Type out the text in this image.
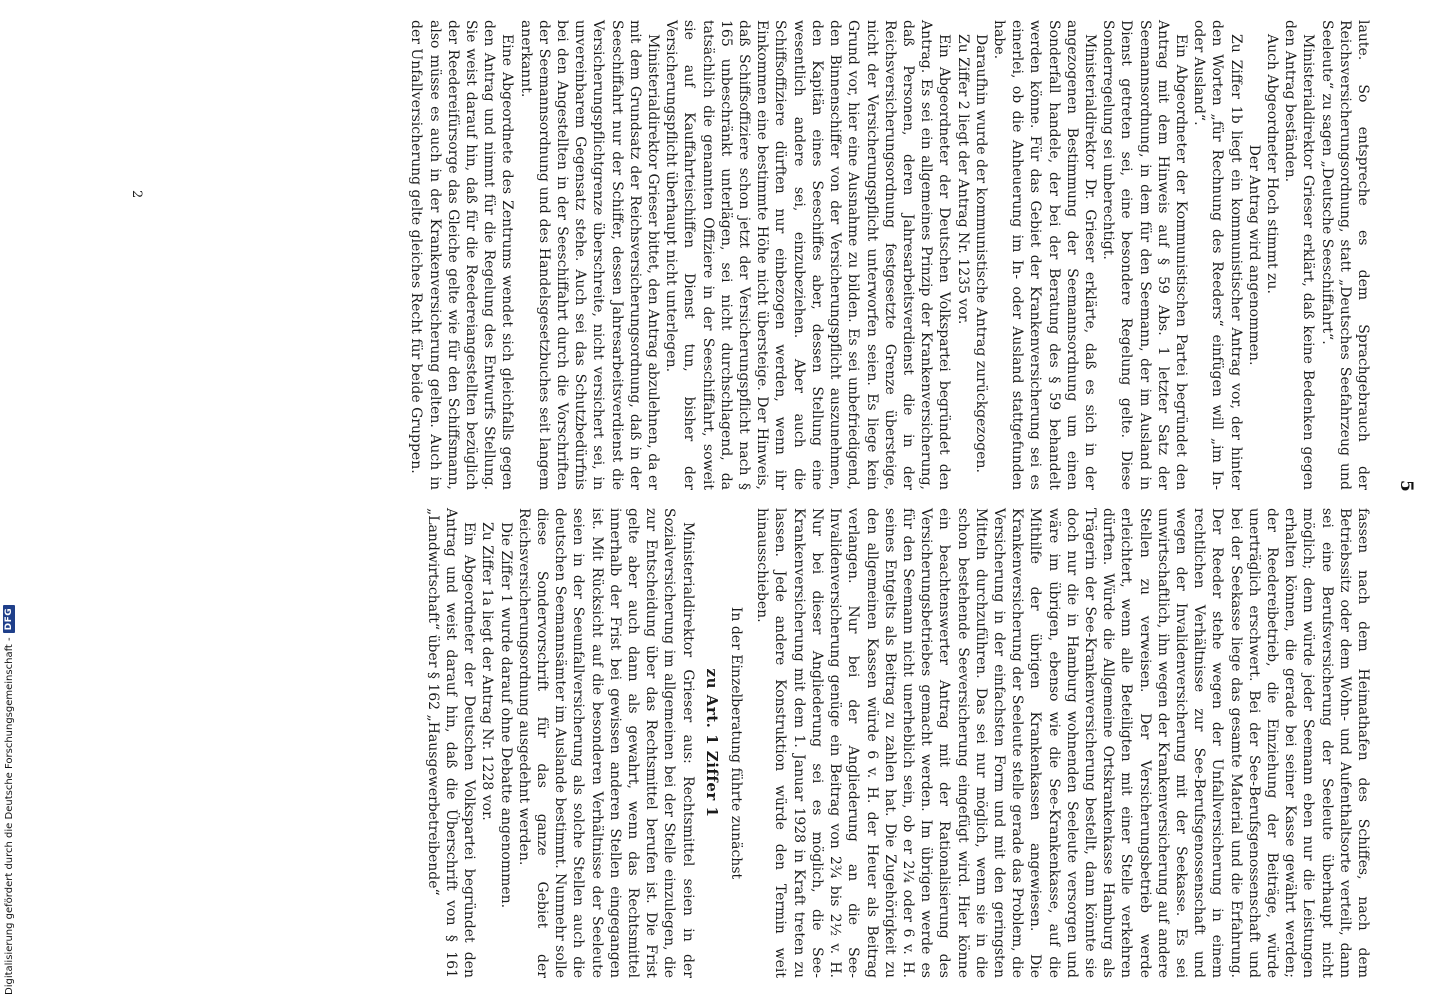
5

laute. So entspreche es dem Sprachgebrauch der Reichsversicherungsordnung, statt „Deutsches Seefahrzeug und Seeleute“ zu sagen „Deutsche Seeschiffahrt“.

Ministerialdirektor Grieser erklärt, daß keine Bedenken gegen den Antrag beständen.

Auch Abgeordneter Hoch stimmt zu.

Der Antrag wird angenommen.

Zu Ziffer 1b liegt ein kommunistischer Antrag vor, der hinter den Worten „für Rechnung des Reeders“ einfügen will „im In- oder Ausland“.

Ein Abgeordneter der Kommunistischen Partei begründet den Antrag mit dem Hinweis auf § 59 Abs. 1 letzter Satz der Seemannsordnung, in dem für den Seemann, der im Ausland in Dienst getreten sei, eine besondere Regelung gelte. Diese Sonderregelung sei unberechtigt.

Ministerialdirektor Dr. Grieser erklärte, daß es sich in der angezogenen Bestimmung der Seemannsordnung um einen Sonderfall handele, der bei der Beratung des § 59 behandelt werden könne. Für das Gebiet der Krankenversicherung sei es einerlei, ob die Anheuerung im In- oder Ausland stattgefunden habe.

Daraufhin wurde der kommunistische Antrag zurückgezogen.

Zu Ziffer 2 liegt der Antrag Nr. 1235 vor.

Ein Abgeordneter der Deutschen Volkspartei begründet den Antrag. Es sei ein allgemeines Prinzip der Krankenversicherung, daß Personen, deren Jahresarbeitsverdienst die in der Reichsversicherungsordnung festgesetzte Grenze übersteige, nicht der Versicherungspflicht unterworfen seien. Es liege kein Grund vor, hier eine Ausnahme zu bilden. Es sei unbefriedigend, den Binnenschiffer von der Versicherungspflicht auszunehmen, den Kapitän eines Seeschiffes aber, dessen Stellung eine wesentlich andere sei, einzubeziehen. Aber auch die Schiffsoffiziere dürften nur einbezogen werden, wenn ihr Einkommen eine bestimmte Höhe nicht übersteige. Der Hinweis, daß Schiffsoffiziere schon jetzt der Versicherungspflicht nach § 165 unbeschränkt unterlägen, sei nicht durchschlagend, da tatsächlich die genannten Offiziere in der Seeschiffahrt, soweit sie auf Kauffahrteischiffen Dienst tun, bisher der Versicherungspflicht überhaupt nicht unterlegen.

Ministerialdirektor Grieser bittet, den Antrag abzulehnen, da er mit dem Grundsatz der Reichsversicherungsordnung, daß in der Seeschiffahrt nur der Schiffer, dessen Jahresarbeitsverdienst die Versicherungspflichtgrenze überschreite, nicht versichert sei, in unvereinbarem Gegensatz stehe. Auch sei das Schutzbedürfnis bei den Angestellten in der Seeschiffahrt durch die Vorschriften der Seemannsordnung und des Handelsgesetzbuches seit langem anerkannt.

Eine Abgeordnete des Zentrums wendet sich gleichfalls gegen den Antrag und nimmt für die Regelung des Entwurfs Stellung. Sie weist darauf hin, daß für die Reedereiangestellten bezüglich der Reedereifürsorge das Gleiche gelte wie für den Schiffsmann, also müsse es auch in der Krankenversicherung gelten. Auch in der Unfallversicherung gelte gleiches Recht für beide Gruppen.

fassen nach dem Heimathafen des Schiffes, nach dem Betriebssitz oder dem Wohn- und Aufenthaltsorte verteilt, dann sei eine Berufsversicherung der Seeleute überhaupt nicht möglich; denn würde jeder Seemann eben nur die Leistungen erhalten können, die gerade bei seiner Kasse gewährt werden; der Reedereibetrieb, die Einziehung der Beiträge, würde unerträglich erschwert. Bei der See-Berufsgenossenschaft und bei der Seekasse liege das gesamte Material und die Erfahrung. Der Reeder stehe wegen der Unfallversicherung in einem rechtlichen Verhältnisse zur See-Berufsgenossenschaft und wegen der Invalidenversicherung mit der Seekasse. Es sei unwirtschaftlich, ihn wegen der Krankenversicherung auf andere Stellen zu verweisen. Der Versicherungsbetrieb werde erleichtert, wenn alle Beteiligten mit einer Stelle verkehren dürften. Würde die Allgemeine Ortskrankenkasse Hamburg als Trägerin der See-Krankenversicherung bestellt, dann könnte sie doch nur die in Hamburg wohnenden Seeleute versorgen und wäre im übrigen, ebenso wie die See-Krankenkasse, auf die Mithilfe der übrigen Krankenkassen angewiesen. Die Krankenversicherung der Seeleute stelle gerade das Problem, die Versicherung in der einfachsten Form und mit den geringsten Mitteln durchzuführen. Das sei nur möglich, wenn sie in die schon bestehende Seeversicherung eingefügt wird. Hier könne ein beachtenswerter Antrag mit der Rationalisierung des Versicherungsbetriebes gemacht werden. Im übrigen werde es für den Seemann nicht unerheblich sein, ob er 2¼ oder 6 v. H. seines Entgelts als Beitrag zu zahlen hat. Die Zugehörigkeit zu den allgemeinen Kassen würde 6 v. H. der Heuer als Beitrag verlangen. Nur bei der Angliederung an die See-Invalidenversicherung genüge ein Beitrag von 2¾ bis 2½ v. H. Nur bei dieser Angliederung sei es möglich, die See-Krankenversicherung mit dem 1. Januar 1928 in Kraft treten zu lassen. Jede andere Konstruktion würde den Termin weit hinausschieben.

In der Einzelberatung führte zunächst

zu Art. 1 Ziffer 1

Ministerialdirektor Grieser aus: Rechtsmittel seien in der Sozialversicherung im allgemeinen bei der Stelle einzulegen, die zur Entscheidung über das Rechtsmittel berufen ist. Die Frist gelte aber auch dann als gewahrt, wenn das Rechtsmittel innerhalb der Frist bei gewissen anderen Stellen eingegangen ist. Mit Rücksicht auf die besonderen Verhältnisse der Seeleute seien in der Seeunfallversicherung als solche Stellen auch die deutschen Seemannsämter im Auslande bestimmt. Nunmehr solle diese Sondervorschrift für das ganze Gebiet der Reichsversicherungsordnung ausgedehnt werden.

Die Ziffer 1 wurde darauf ohne Debatte angenommen.

Zu Ziffer 1a liegt der Antrag Nr. 1228 vor.

Ein Abgeordneter der Deutschen Volkspartei begründet den Antrag und weist darauf hin, daß die Überschrift von § 161 „Landwirtschaft“ über § 162 „Hausgewerbetreibende“

2
Digitalisierung gefördert durch die Deutsche Forschungsgemeinschaft -
DFG
